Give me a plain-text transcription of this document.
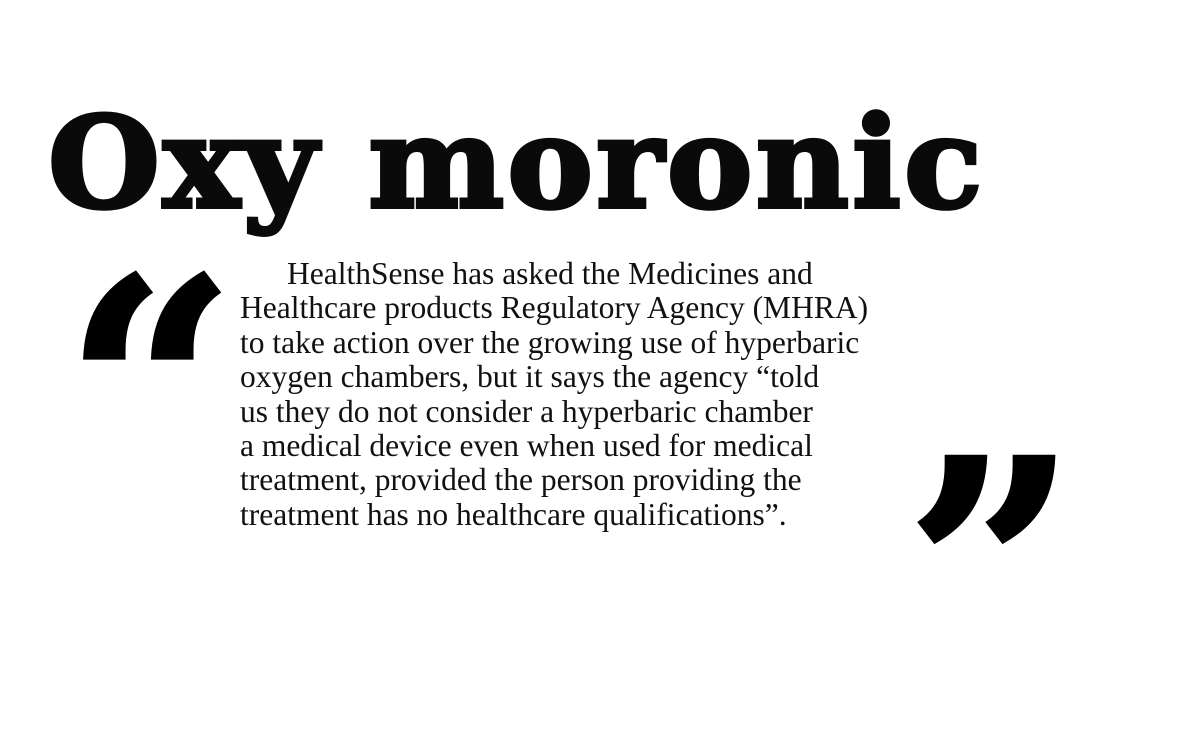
Oxy moronic
“	HealthSense has asked the Medicines and
Healthcare products Regulatory Agency (MHRA)
to take action over the growing use of hyperbaric
oxygen chambers, but it says the agency “told
us they do not consider a hyperbaric chamber
a medical device even when used for medical
treatment, provided the person providing the
treatment has no healthcare qualifications”. ”
